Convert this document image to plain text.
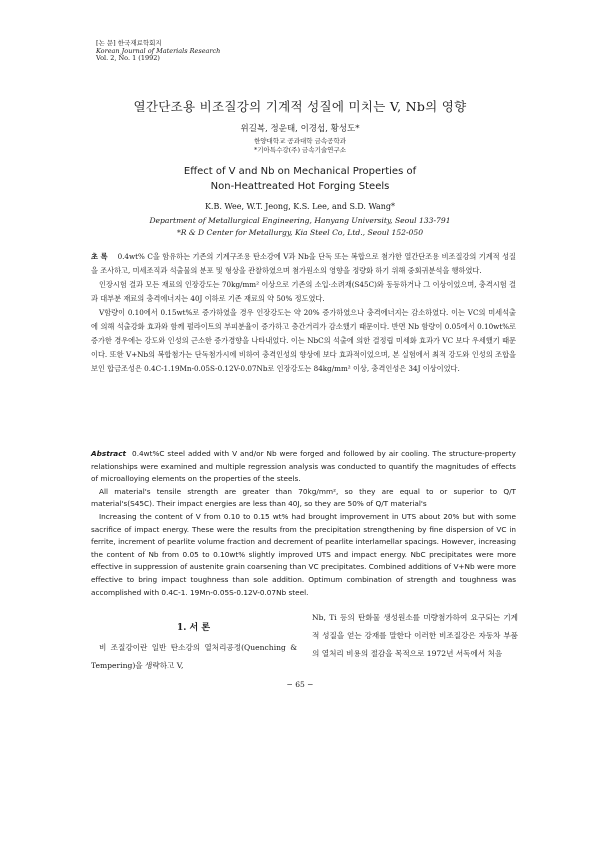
[논 문] 한국재료학회지
Korean Journal of Materials Research
Vol. 2, No. 1 (1992)
열간단조용 비조질강의 기계적 성질에 미치는 V, Nb의 영향
위길복, 정운태, 이경섭, 황성도*
한양대학교 공과대학 금속공학과
*기아특수강(주) 금속기술연구소
Effect of V and Nb on Mechanical Properties of
Non-Heattreated Hot Forging Steels
K.B. Wee, W.T. Jeong, K.S. Lee, and S.D. Wang*
Department of Metallurgical Engineering, Hanyang University, Seoul 133-791
*R & D Center for Metallurgy, Kia Steel Co, Ltd., Seoul 152-050

초 록 0.4wt% C을 함유하는 기존의 기계구조용 탄소강에 V과 Nb을 단독 또는 복합으로 첨가한 열간단조용 비조질강의 기계적 성질을 조사하고, 미세조직과 석출물의 분포 및 형상을 관찰하였으며 첨가원소의 영향을 정량화 하기 위해 중회귀분석을 행하였다.

인장시험 결과 모든 재료의 인장강도는 70kg/mm² 이상으로 기존의 소입·소려재(S45C)와 동등하거나 그 이상이었으며, 충격시험 결과 대부분 재료의 충격에너지는 40J 이하로 기존 재료의 약 50% 정도였다.

V함량이 0.10에서 0.15wt%로 증가하였을 경우 인장강도는 약 20% 증가하였으나 충격에너지는 감소하였다. 이는 VC의 미세석출에 의해 석출강화 효과와 함께 펄라이트의 부피분율이 증가하고 층간거리가 감소했기 때문이다. 반면 Nb 함량이 0.05에서 0.10wt%로 증가한 경우에는 강도와 인성의 근소한 증가경향을 나타내었다. 이는 NbC의 석출에 의한 결정립 미세화 효과가 VC 보다 우세했기 때문이다. 또한 V+Nb의 복합첨가는 단독첨가시에 비하여 충격인성의 향상에 보다 효과적이었으며, 본 실험에서 최적 강도와 인성의 조합을 보인 합금조성은 0.4C-1.19Mn-0.05S-0.12V-0.07Nb로 인장강도는 84kg/mm² 이상, 충격인성은 34J 이상이었다.

Abstract 0.4wt%C steel added with V and/or Nb were forged and followed by air cooling. The structure-property relationships were examined and multiple regression analysis was conducted to quantify the magnitudes of effects of microalloying elements on the properties of the steels.

All material's tensile strength are greater than 70kg/mm², so they are equal to or superior to Q/T material's(S45C). Their impact energies are less than 40J, so they are 50% of Q/T material's

Increasing the content of V from 0.10 to 0.15 wt% had brought improvement in UTS about 20% but with some sacrifice of impact energy. These were the results from the precipitation strengthening by fine dispersion of VC in ferrite, increment of pearlite volume fraction and decrement of pearlite interlamellar spacings. However, increasing the content of Nb from 0.05 to 0.10wt% slightly improved UTS and impact energy. NbC precipitates were more effective in suppression of austenite grain coarsening than VC precipitates. Combined additions of V+Nb were more effective to bring impact toughness than sole addition. Optimum combination of strength and toughness was accomplished with 0.4C-1. 19Mn-0.05S-0.12V-0.07Nb steel.

1. 서 론

비 조질강이란 일반 탄소강의 열처리공정(Quenching & Tempering)을 생략하고 V,

Nb, Ti 등의 탄화물 생성원소를 미량첨가하여 요구되는 기계적 성질을 얻는 강재를 말한다 이러한 비조질강은 자동차 부품의 열처리 비용의 절감을 목적으로 1972년 서독에서 처음

− 65 −
